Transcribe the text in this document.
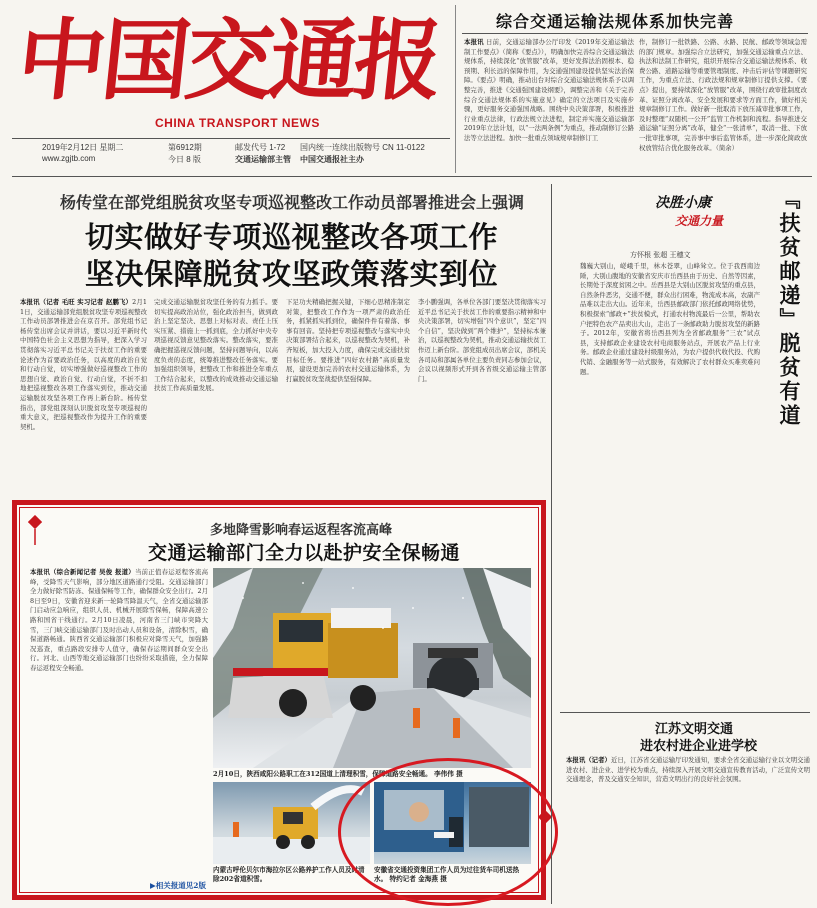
中国交通报
CHINA TRANSPORT NEWS
2019年2月12日 星期二
www.zgjtb.com
第6912期
今日 8 版
邮发代号 1-72
交通运输部主管
国内统一连续出版物号 CN 11-0122
中国交通报社主办
综合交通运输法规体系加快完善
本报讯 日前，交通运输部办公厅印发《2019年交通运输法制工作要点》（简称《要点》），明确加快完善综合交通运输法规体系，持续深化“放管服”改革，更好发挥法治固根本、稳预期、利长远的保障作用，为交通强国建设提供坚实法治保障。《要点》明确，推动出台对综合交通运输法规体系予以调整完善，推进《交通强国建设纲要》，调整完善和《关于完善综合交通法规体系的实施意见》确定的立法项目及实施步骤，更好服务交通强国战略。围绕中央决策部署，积极推进行业重点法律，行政法规立法进程，制定并实施交通运输部2019年立法计划，以“一法两条例”为重点，推动制修订公路法等立法进程。加快一批重点领域规章制修订工
作，制修订一批铁路、公路、水路、民航、邮政等领域急需的部门规章。加强综合立法研究，加强交通运输重点立法、执法和法制工作研究，组织开展综合交通运输法规体系、收费公路、道路运输等重要管理制度、冲击后评估等课题研究工作，为重点立法、行政法规和规章制修订提供支撑。《要点》提出，要持续深化“放管服”改革，围绕行政审批制度改革、证照分离改革、安全发展和要求等方面工作，做好相关规章制修订工作。做好新一批取消下放压减审批事项工作，及时整理“双随机一公开”监管工作机制和流程。指导推进交通运输“证照分离”改革，健全“一张清单”，取消一批、下放一批审批事项，完善事中事后监管体系，进一步深化简政放权放管结合优化服务改革。（简余）
杨传堂在部党组脱贫攻坚专项巡视整改工作动员部署推进会上强调
切实做好专项巡视整改各项工作
坚决保障脱贫攻坚政策落实到位
本报讯（记者 毛旺 实习记者 赵鹏飞）2月11日，交通运输部党组脱贫攻坚专项巡视整改工作动员部署推进会在京召开。部党组书记杨传堂出席会议并讲话，要以习近平新时代中国特色社会主义思想为指导，把深入学习贯彻落实习近平总书记关于扶贫工作的重要论述作为首要政治任务，以高度的政治自觉和行动自觉，切实增强做好巡视整改工作的思想自觉、政治自觉、行动自觉，不折不扣地把巡视整改各项工作落实到位，推动交通运输脱贫攻坚各项工作再上新台阶。杨传堂指出，部党组深刻认识脱贫攻坚专项巡视的重大意义，把巡视整改作为提升工作的重要契机。
完成交通运输脱贫攻坚任务的有力抓手。要切实提高政治站位，强化政治担当，做到政治上坚定坚决、思想上对标对表、责任上压实压紧、措施上一抓到底，全力抓好中央专项巡视反馈意见整改落实。整改落实，要准确把握巡视反馈问题，坚持问题导向，以高度负责的态度，统筹推进整改任务落实。要加强组织领导，把整改工作和推进全年重点工作结合起来，以整改的成效推动交通运输扶贫工作高质量发展。
下足功夫精确把握关键，下细心思精准制定对策，把整改工作作为一项严肃的政治任务，抓紧抓实抓到位，确保件件有着落、事事有回音。坚持把专项巡视整改与落实中央决策部署结合起来，以巡视整改为契机，补齐短板，加大投入力度，确保完成交通扶贫目标任务。要推进“四好农村路”高质量发展，建设更加完善的农村交通运输体系，为打赢脱贫攻坚战提供坚强保障。
李小鹏强调，各单位各部门要坚决贯彻落实习近平总书记关于扶贫工作的重要指示精神和中央决策部署，切实增强“四个意识”，坚定“四个自信”，坚决做到“两个维护”，坚持标本兼治，以巡视整改为契机，推动交通运输扶贫工作迈上新台阶。部党组成员出席会议，部机关各司局和部属各单位主要负责同志参加会议，会议以视频形式开到各省级交通运输主管部门。
多地降雪影响春运返程客流高峰
交通运输部门全力以赴护安全保畅通
本报讯（综合新闻记者 吴俊 报道）当前正值春运返程客流高峰，受降雪天气影响，部分地区道路通行受阻。交通运输部门全力做好除雪防冻、保通保畅等工作，确保群众安全出行。2月8日至9日，安徽省迎来新一轮降雪降温天气，全省交通运输部门启动应急响应，组织人员、机械开展除雪保畅，保障高速公路和国省干线通行。2月10日凌晨，河南省三门峡市突降大雪，三门峡交通运输部门及时出动人员和设备，清除积雪，确保道路畅通。陕西省交通运输部门积极应对降雪天气，加强路况巡查，重点路段安排专人值守，确保春运期间群众安全出行。河北、山西等地交通运输部门也纷纷采取措施，全力保障春运返程安全畅通。
▶相关报道见2版
2月10日，陕西咸阳公路职工在312国道上清理积雪，保障道路安全畅通。 李伟伟 摄
内蒙古呼伦贝尔市海拉尔区公路养护工作人员及时清除202省道积雪。
安徽省交通投资集团工作人员为过往货车司机送热水。 特约记者 金海燕 摄
决胜小康
交通力量	『扶贫邮递』脱贫有道
方怀根 张超 王穗文
魏巍大别山，嵯峨千里，林木苍翠，山峰耸立。位于我西南边陲，大别山腹地的安徽省安庆市岳西县由于历史、自然等因素，长期处于深度贫困之中。岳西县是大别山区脱贫攻坚的重点县，自然条件恶劣，交通不便，群众出行困难，物流成本高，农副产品难以走出大山。近年来，岳西县邮政部门依托邮政网络优势，积极探索“邮政+”扶贫模式，打通农村物流最后一公里，帮助农户把特色农产品卖出大山，走出了一条邮政助力脱贫攻坚的新路子。2012年，安徽省将岳西县列为全省邮政服务“三农”试点县，支持邮政企业建设农村电商服务站点，开展农产品上行业务。邮政企业通过建设村级服务站，为农户提供代收代投、代购代销、金融服务等一站式服务，有效解决了农村群众买难卖难问题。
江苏文明交通
进农村进企业进学校
本报讯（记者）近日，江苏省交通运输厅印发通知，要求全省交通运输行业以文明交通进农村、进企业、进学校为重点，持续深入开展文明交通宣传教育活动，广泛宣传文明交通理念，普及交通安全知识，营造文明出行的良好社会氛围。
